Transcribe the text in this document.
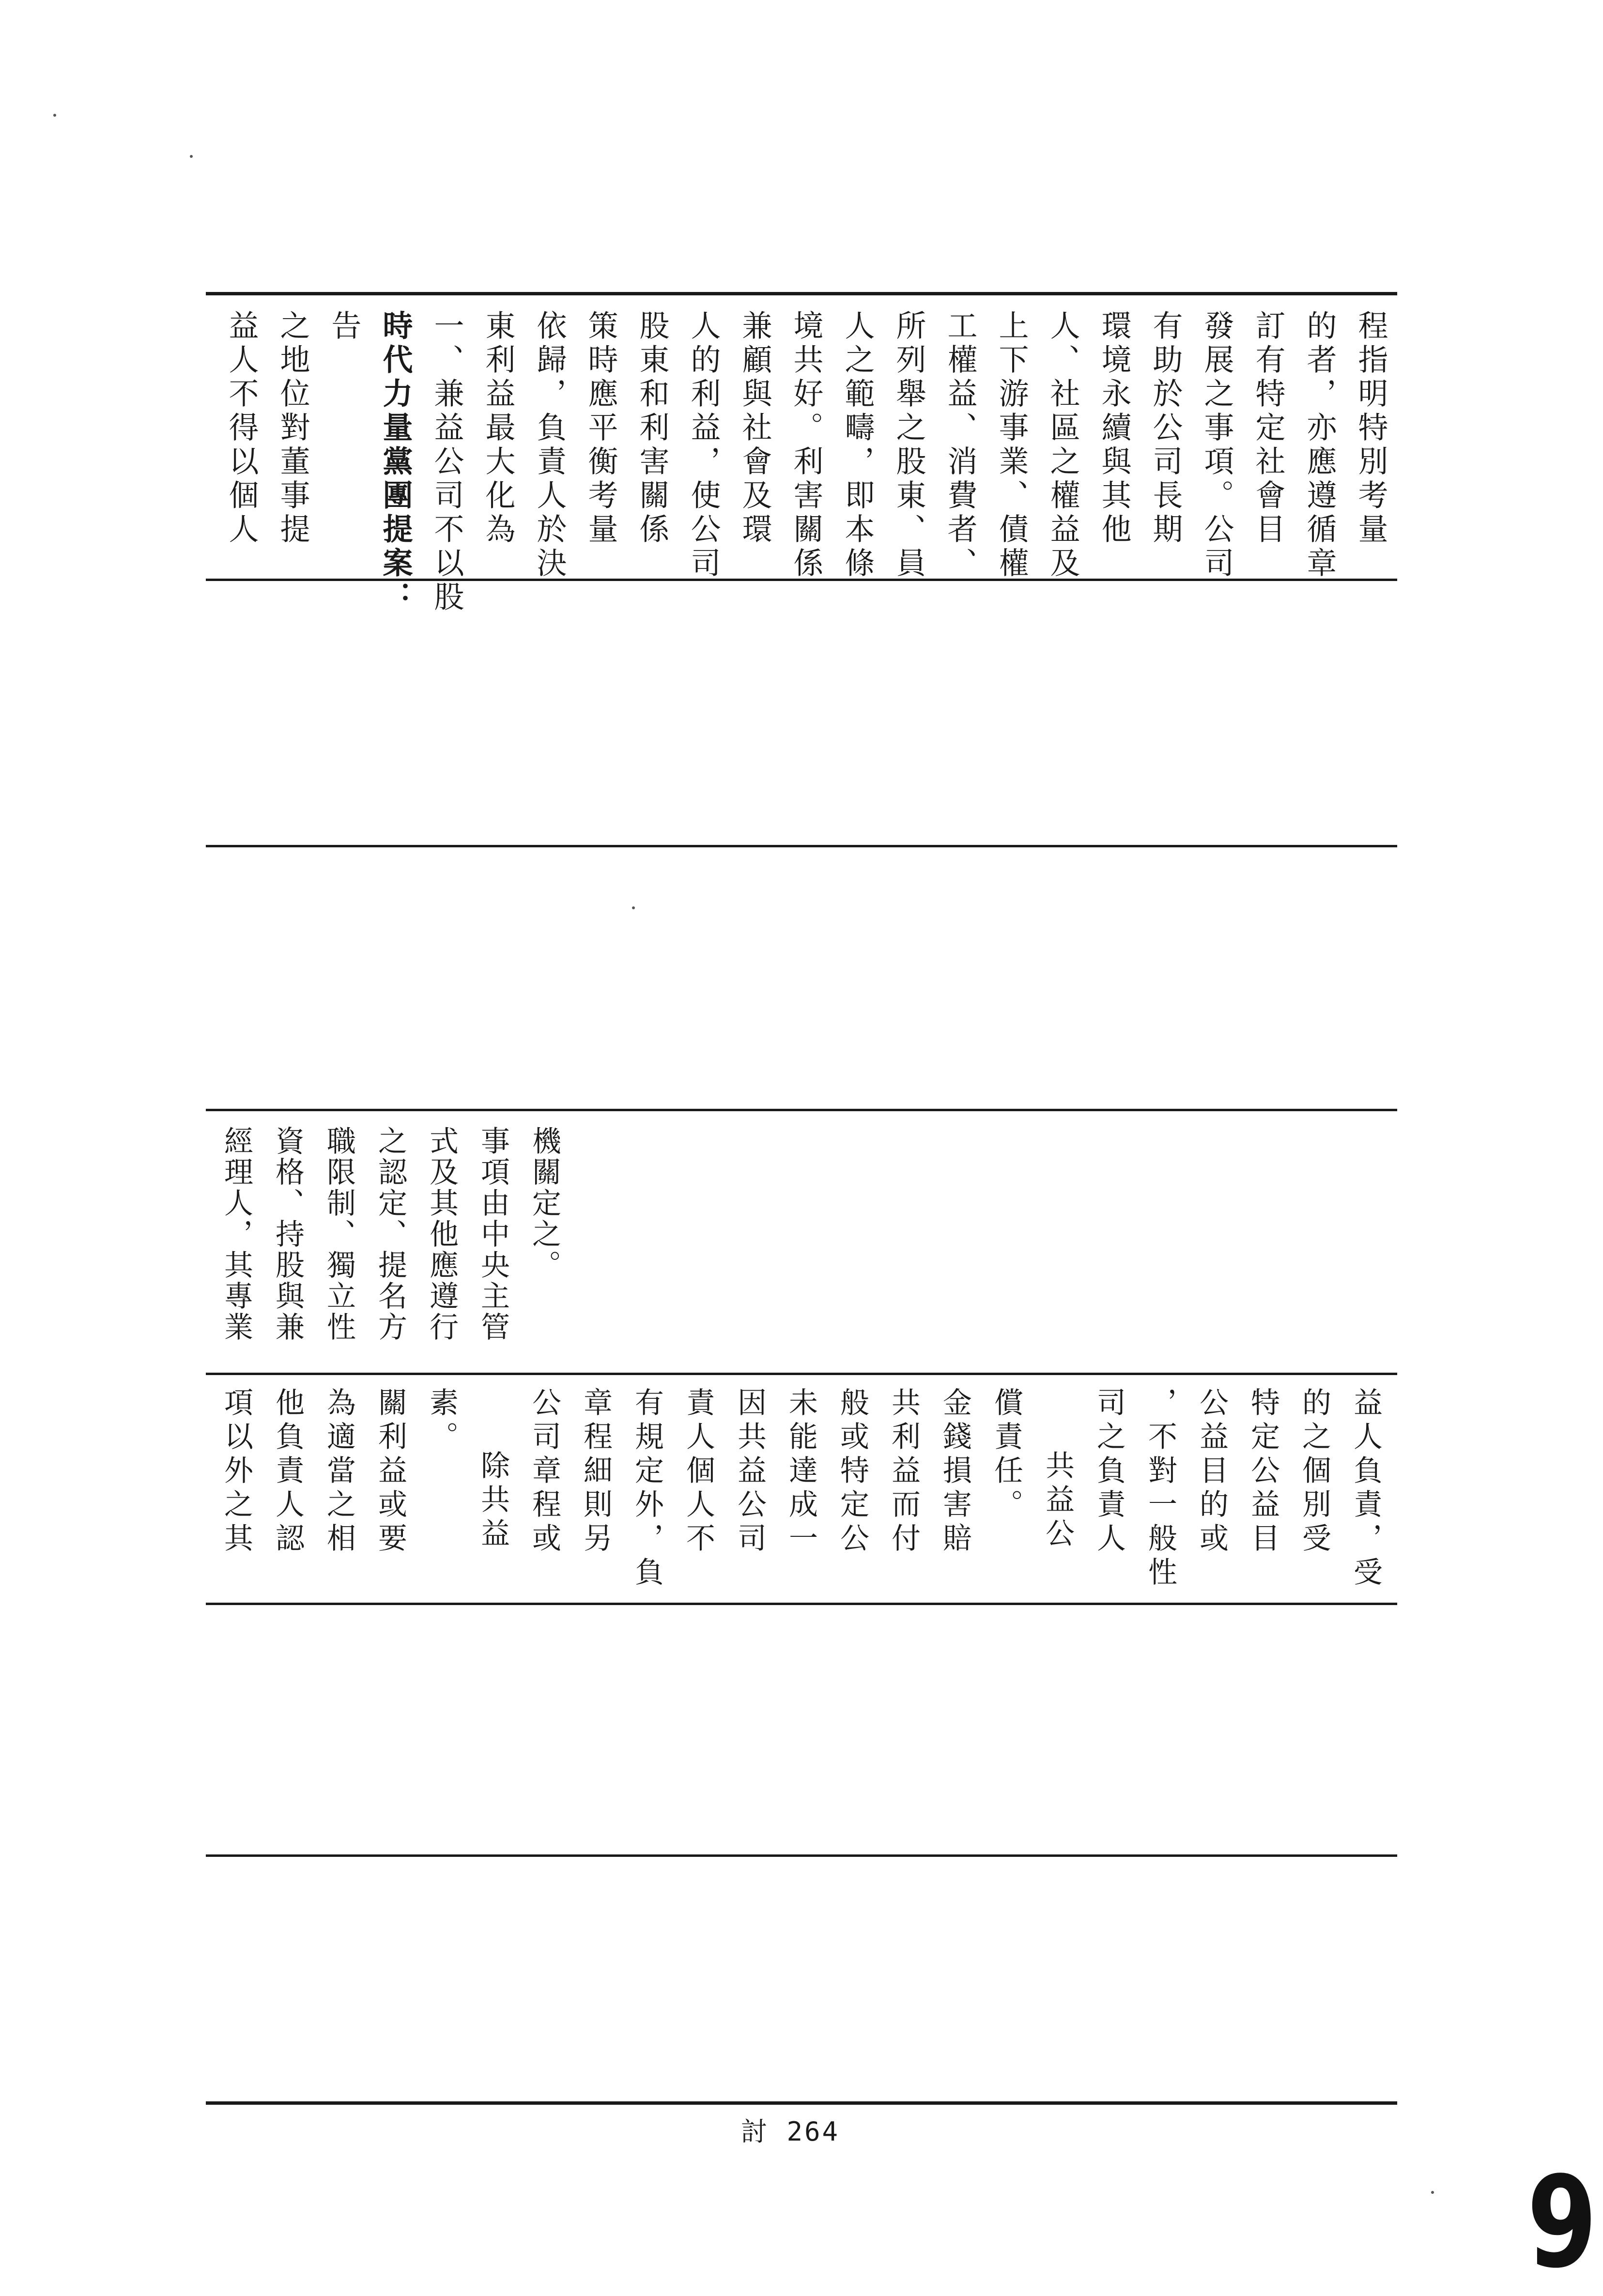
益人不得以個人 之地位對董事提 告 時代力量黨團提案： 一、兼益公司不以股 東利益最大化為 依歸，負責人於決 策時應平衡考量 股東和利害關係 人的利益，使公司 兼顧與社會及環 境共好。利害關係 人之範疇，即本條 所列舉之股東、員 工權益、消費者、 上下游事業、債權 人、社區之權益及 環境永續與其他 有助於公司長期 發展之事項。公司 訂有特定社會目 的者，亦應遵循章 程指明特別考量
經理人，其專業 資格、持股與兼 職限制、獨立性 之認定、提名方 式及其他應遵行 事項由中央主管 機關定之。
項以外之其 他負責人認 為適當之相 關利益或要 素。
除共益 公司章程或 章程細則另 有規定外，負 責人個人不 因共益公司 未能達成一 般或特定公 共利益而付 金錢損害賠 償責任。 共益公 司之負責人 ，不對一般性 公益目的或 特定公益目 的之個別受 益人負責，受
討 264
9
